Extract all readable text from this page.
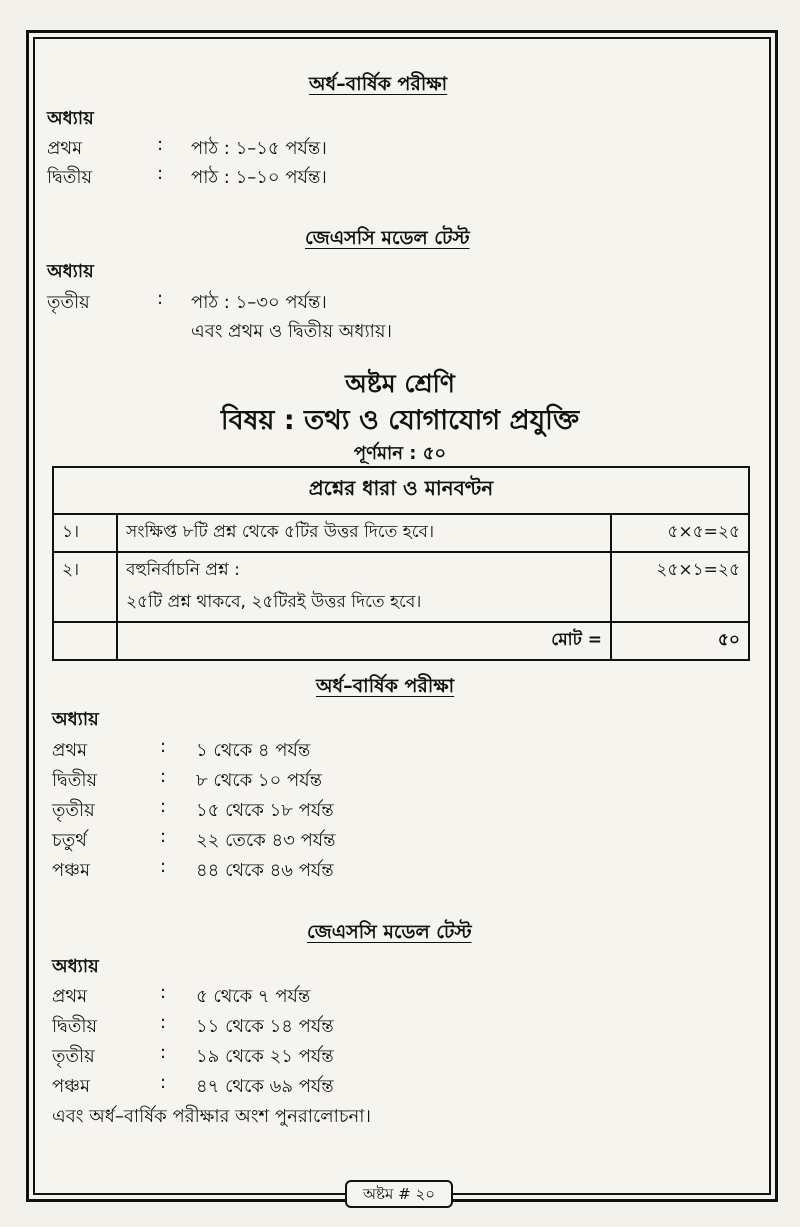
অর্ধ–বার্ষিক পরীক্ষা
অধ্যায়
প্রথম	: পাঠ : ১–১৫ পর্যন্ত।
দ্বিতীয়	: পাঠ : ১–১০ পর্যন্ত।
জেএসসি মডেল টেস্ট
অধ্যায়
তৃতীয়	: পাঠ : ১–৩০ পর্যন্ত।
এবং প্রথম ও দ্বিতীয় অধ্যায়।
অষ্টম শ্রেণি
বিষয় : তথ্য ও যোগাযোগ প্রযুক্তি
পূর্ণমান : ৫০
প্রশ্নের ধারা ও মানবণ্টন		
১।	সংক্ষিপ্ত ৮টি প্রশ্ন থেকে ৫টির উত্তর দিতে হবে।	৫×৫=২৫
২।	বহুনির্বাচনি প্রশ্ন :
২৫টি প্রশ্ন থাকবে, ২৫টিরই উত্তর দিতে হবে।	২৫×১=২৫
	মোট =	৫০
অর্ধ–বার্ষিক পরীক্ষা
অধ্যায়
প্রথম	: ১ থেকে ৪ পর্যন্ত
দ্বিতীয়	: ৮ থেকে ১০ পর্যন্ত
তৃতীয়	: ১৫ থেকে ১৮ পর্যন্ত
চতুর্থ	: ২২ তেকে ৪৩ পর্যন্ত
পঞ্চম	: ৪৪ থেকে ৪৬ পর্যন্ত
জেএসসি মডেল টেস্ট
অধ্যায়
প্রথম	: ৫ থেকে ৭ পর্যন্ত
দ্বিতীয়	: ১১ থেকে ১৪ পর্যন্ত
তৃতীয়	: ১৯ থেকে ২১ পর্যন্ত
পঞ্চম	: ৪৭ থেকে ৬৯ পর্যন্ত
এবং অর্ধ–বার্ষিক পরীক্ষার অংশ পুনরালোচনা।
অষ্টম # ২০
